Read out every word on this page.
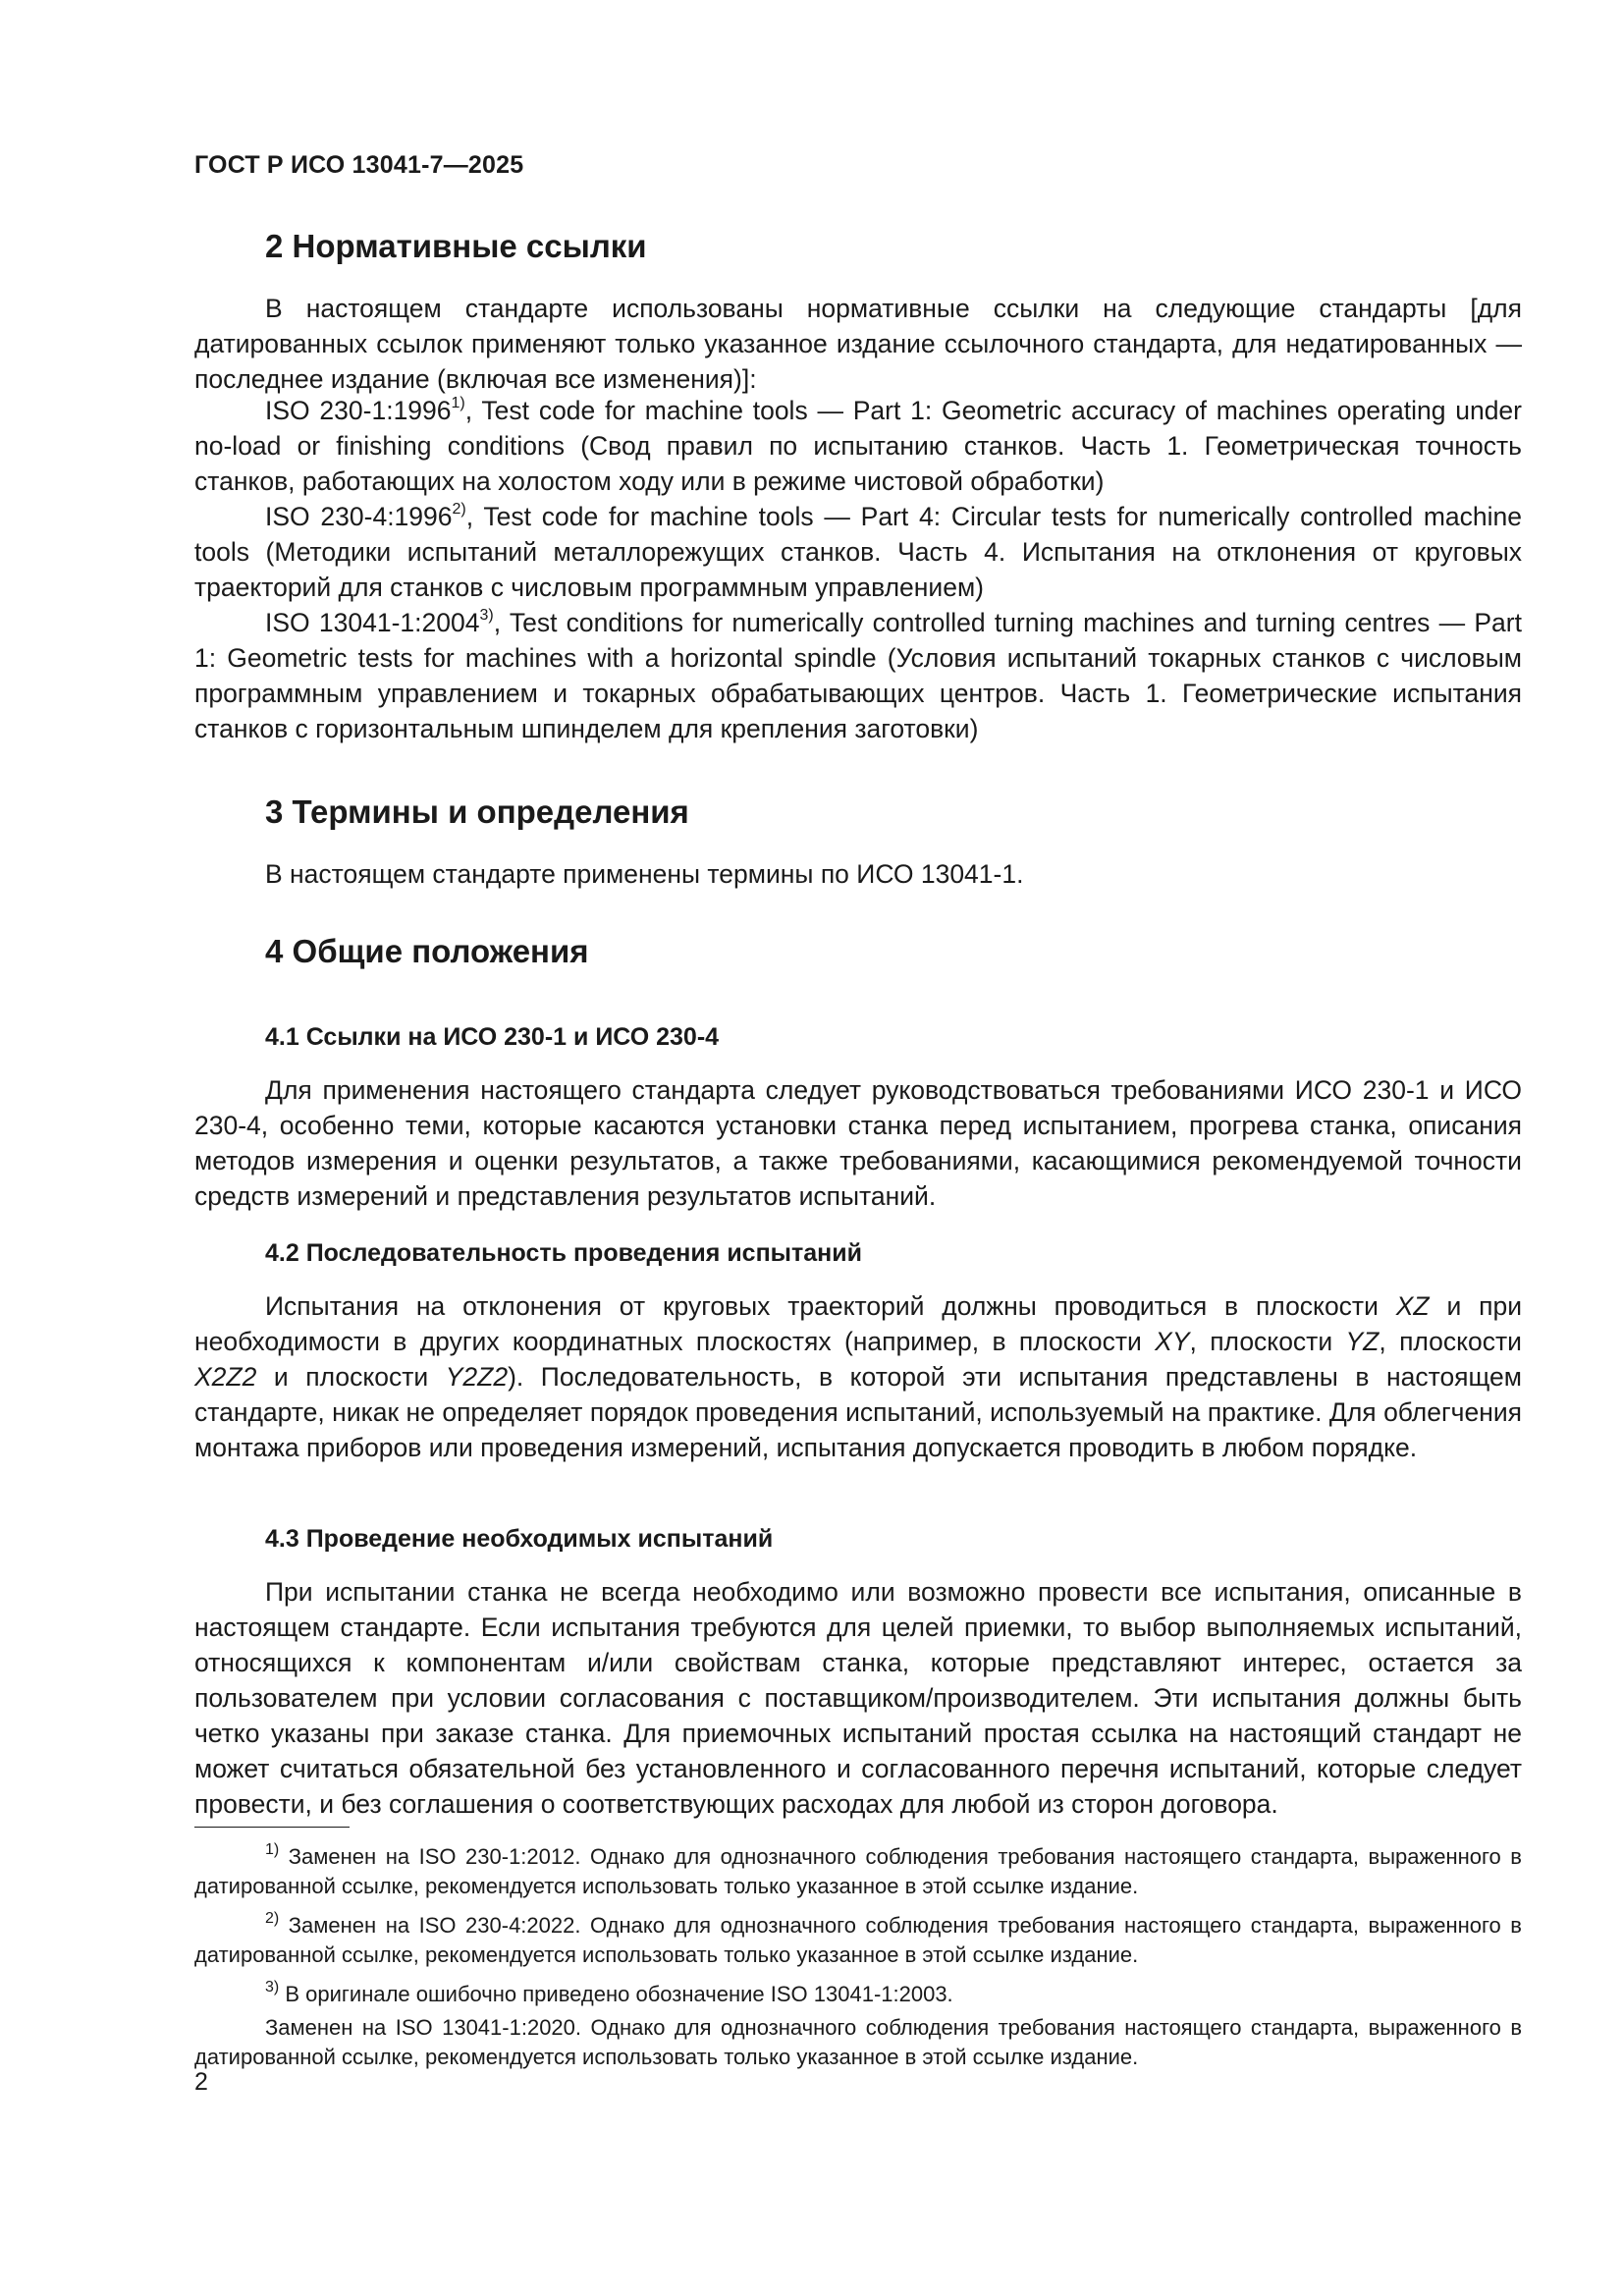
ГОСТ Р ИСО 13041-7—2025
2 Нормативные ссылки

В настоящем стандарте использованы нормативные ссылки на следующие стандарты [для датированных ссылок применяют только указанное издание ссылочного стандарта, для недатированных — последнее издание (включая все изменения)]:

ISO 230-1:1996$^{1)}$, Test code for machine tools — Part 1: Geometric accuracy of machines operating under no-load or finishing conditions (Свод правил по испытанию станков. Часть 1. Геометрическая точность станков, работающих на холостом ходу или в режиме чистовой обработки)

ISO 230-4:1996$^{2)}$, Test code for machine tools — Part 4: Circular tests for numerically controlled machine tools (Методики испытаний металлорежущих станков. Часть 4. Испытания на отклонения от круговых траекторий для станков с числовым программным управлением)

ISO 13041-1:2004$^{3)}$, Test conditions for numerically controlled turning machines and turning centres — Part 1: Geometric tests for machines with a horizontal spindle (Условия испытаний токарных станков с числовым программным управлением и токарных обрабатывающих центров. Часть 1. Геометрические испытания станков с горизонтальным шпинделем для крепления заготовки)

3 Термины и определения

В настоящем стандарте применены термины по ИСО 13041-1.

4 Общие положения
4.1 Ссылки на ИСО 230-1 и ИСО 230-4

Для применения настоящего стандарта следует руководствоваться требованиями ИСО 230-1 и ИСО 230-4, особенно теми, которые касаются установки станка перед испытанием, прогрева станка, описания методов измерения и оценки результатов, а также требованиями, касающимися рекомендуемой точности средств измерений и представления результатов испытаний.

4.2 Последовательность проведения испытаний

Испытания на отклонения от круговых траекторий должны проводиться в плоскости XZ и при необходимости в других координатных плоскостях (например, в плоскости XY, плоскости YZ, плоскости X2Z2 и плоскости Y2Z2). Последовательность, в которой эти испытания представлены в настоящем стандарте, никак не определяет порядок проведения испытаний, используемый на практике. Для облегчения монтажа приборов или проведения измерений, испытания допускается проводить в любом порядке.

4.3 Проведение необходимых испытаний

При испытании станка не всегда необходимо или возможно провести все испытания, описанные в настоящем стандарте. Если испытания требуются для целей приемки, то выбор выполняемых испытаний, относящихся к компонентам и/или свойствам станка, которые представляют интерес, остается за пользователем при условии согласования с поставщиком/производителем. Эти испытания должны быть четко указаны при заказе станка. Для приемочных испытаний простая ссылка на настоящий стандарт не может считаться обязательной без установленного и согласованного перечня испытаний, которые следует провести, и без соглашения о соответствующих расходах для любой из сторон договора.

$^{1)}$ Заменен на ISO 230-1:2012. Однако для однозначного соблюдения требования настоящего стандарта, выраженного в датированной ссылке, рекомендуется использовать только указанное в этой ссылке издание.

$^{2)}$ Заменен на ISO 230-4:2022. Однако для однозначного соблюдения требования настоящего стандарта, выраженного в датированной ссылке, рекомендуется использовать только указанное в этой ссылке издание.

$^{3)}$ В оригинале ошибочно приведено обозначение ISO 13041-1:2003.

Заменен на ISO 13041-1:2020. Однако для однозначного соблюдения требования настоящего стандарта, выраженного в датированной ссылке, рекомендуется использовать только указанное в этой ссылке издание.

2
